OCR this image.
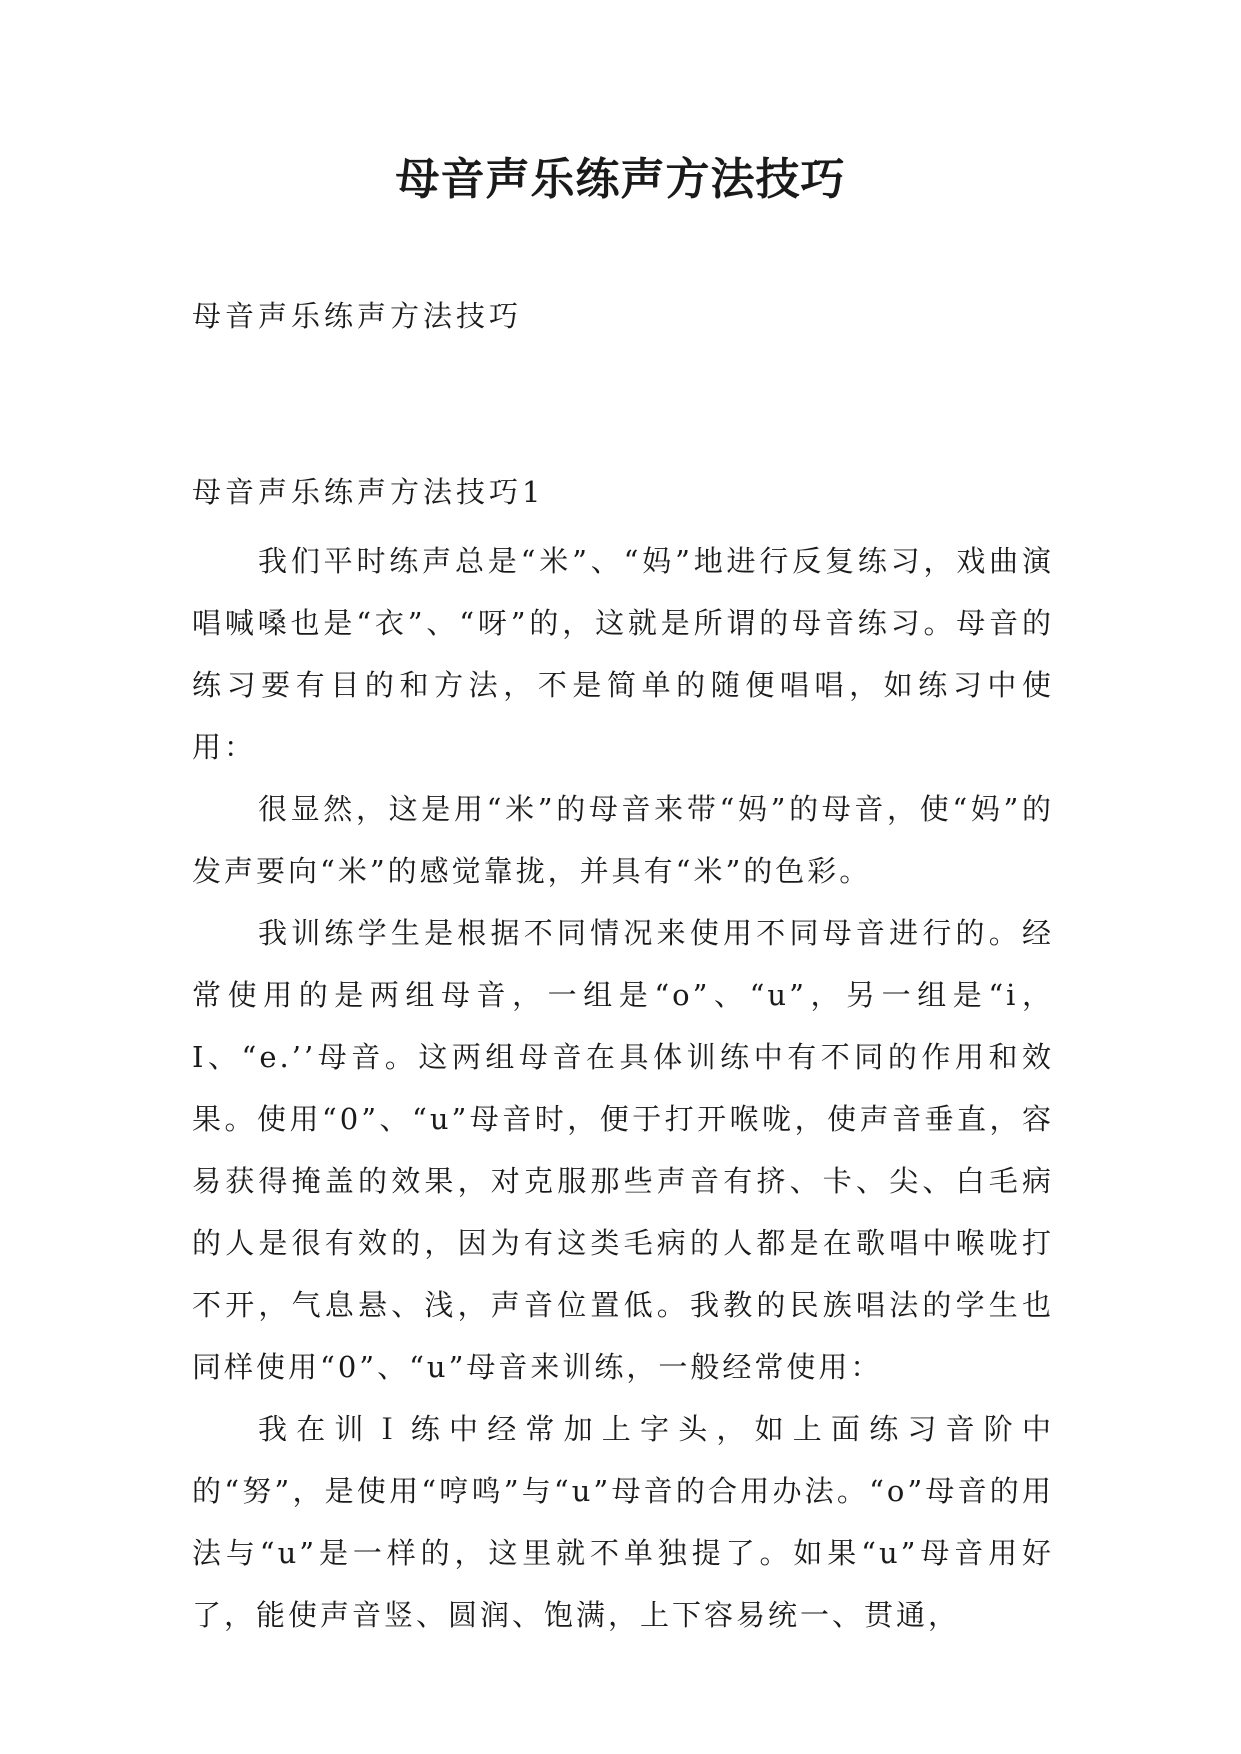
母音声乐练声方法技巧
母音声乐练声方法技巧
母音声乐练声方法技巧1

我们平时练声总是“米”、“妈”地进行反复练习，戏曲演唱喊嗓也是“衣”、“呀”的，这就是所谓的母音练习。母音的练习要有目的和方法，不是简单的随便唱唱，如练习中使用：

很显然，这是用“米”的母音来带“妈”的母音，使“妈”的发声要向“米”的感觉靠拢，并具有“米”的色彩。

我训练学生是根据不同情况来使用不同母音进行的。经常使用的是两组母音，一组是“o”、“u”，另一组是“i，I、“e.’’母音。这两组母音在具体训练中有不同的作用和效果。使用“0”、“u”母音时，便于打开喉咙，使声音垂直，容易获得掩盖的效果，对克服那些声音有挤、卡、尖、白毛病的人是很有效的，因为有这类毛病的人都是在歌唱中喉咙打不开，气息悬、浅，声音位置低。我教的民族唱法的学生也同样使用“0”、“u”母音来训练，一般经常使用：

我在训Ｉ练中经常加上字头，如上面练习音阶中的“努”，是使用“哼鸣”与“u”母音的合用办法。“o”母音的用法与“u”是一样的，这里就不单独提了。如果“u”母音用好了，能使声音竖、圆润、饱满，上下容易统一、贯通，
